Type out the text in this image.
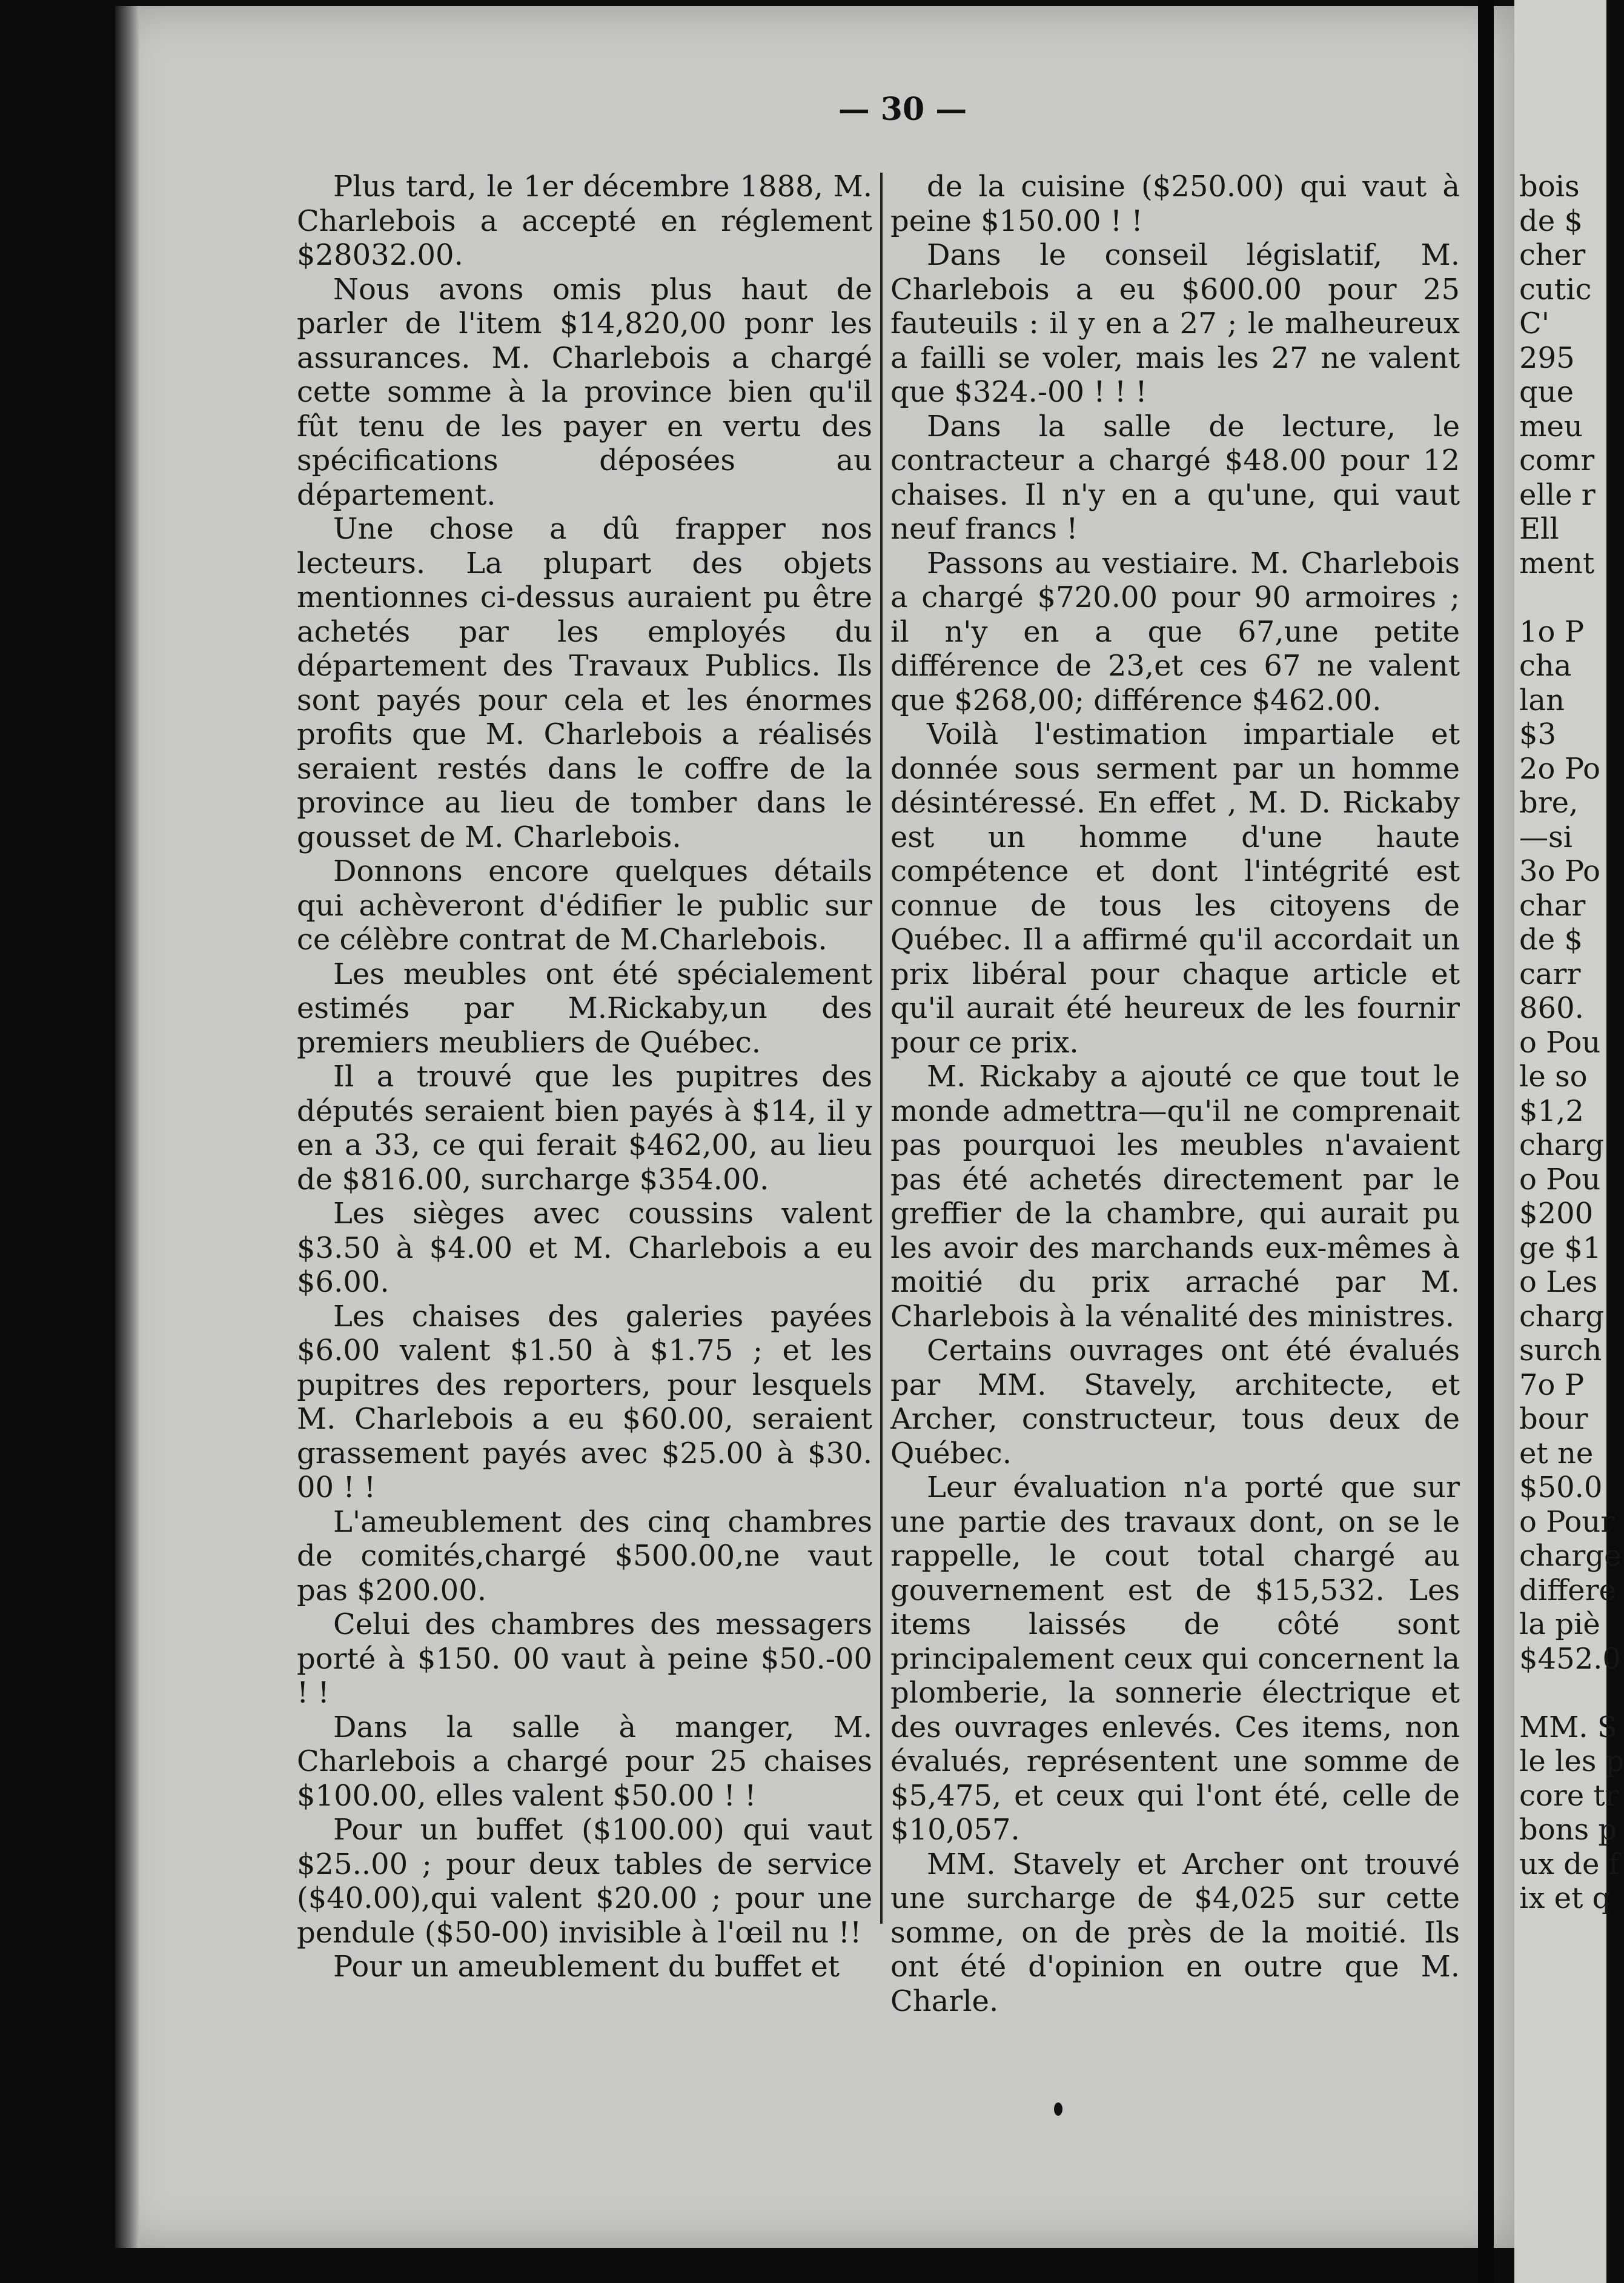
— 30 —

Plus tard, le 1er décembre 1888, M. Charlebois a accepté en réglement $28032.00.

Nous avons omis plus haut de parler de l'item $14,820,00 ponr les assurances. M. Charlebois a chargé cette somme à la province bien qu'il fût tenu de les payer en vertu des spécifications déposées au département.

Une chose a dû frapper nos lecteurs. La plupart des objets mentionnes ci-dessus auraient pu être achetés par les employés du département des Travaux Publics. Ils sont payés pour cela et les énormes profits que M. Charlebois a réalisés seraient restés dans le coffre de la province au lieu de tomber dans le gousset de M. Charlebois.

Donnons encore quelques détails qui achèveront d'édifier le public sur ce célèbre contrat de M.Charlebois.

Les meubles ont été spécialement estimés par M.Rickaby,un des premiers meubliers de Québec.

Il a trouvé que les pupitres des députés seraient bien payés à $14, il y en a 33, ce qui ferait $462,00, au lieu de $816.00, surcharge $354.00.

Les sièges avec coussins valent $3.50 à $4.00 et M. Charlebois a eu $6.00.

Les chaises des galeries payées $6.00 valent $1.50 à $1.75 ; et les pupitres des reporters, pour lesquels M. Charlebois a eu $60.00, seraient grassement payés avec $25.00 à $30. 00 ! !

L'ameublement des cinq chambres de comités,chargé $500.00,ne vaut pas $200.00.

Celui des chambres des messagers porté à $150. 00 vaut à peine $50.-00 ! !

Dans la salle à manger, M. Charlebois a chargé pour 25 chaises $100.00, elles valent $50.00 ! !

Pour un buffet ($100.00) qui vaut $25..00 ; pour deux tables de service ($40.00),qui valent $20.00 ; pour une pendule ($50-00) invisible à l'œil nu !!

Pour un ameublement du buffet et

de la cuisine ($250.00) qui vaut à peine $150.00 ! !

Dans le conseil législatif, M. Charlebois a eu $600.00 pour 25 fauteuils : il y en a 27 ; le malheureux a failli se voler, mais les 27 ne valent que $324.-00 ! ! !

Dans la salle de lecture, le contracteur a chargé $48.00 pour 12 chaises. Il n'y en a qu'une, qui vaut neuf francs !

Passons au vestiaire. M. Charlebois a chargé $720.00 pour 90 armoires ; il n'y en a que 67,une petite différence de 23,et ces 67 ne valent que $268,00; différence $462.00.

Voilà l'estimation impartiale et donnée sous serment par un homme désintéressé. En effet , M. D. Rickaby est un homme d'une haute compétence et dont l'intégrité est connue de tous les citoyens de Québec. Il a affirmé qu'il accordait un prix libéral pour chaque article et qu'il aurait été heureux de les fournir pour ce prix.

M. Rickaby a ajouté ce que tout le monde admettra—qu'il ne comprenait pas pourquoi les meubles n'avaient pas été achetés directement par le greffier de la chambre, qui aurait pu les avoir des marchands eux-mêmes à moitié du prix arraché par M. Charlebois à la vénalité des ministres.

Certains ouvrages ont été évalués par MM. Stavely, architecte, et Archer, constructeur, tous deux de Québec.

Leur évaluation n'a porté que sur une partie des travaux dont, on se le rappelle, le cout total chargé au gouvernement est de $15,532. Les items laissés de côté sont principalement ceux qui concernent la plomberie, la sonnerie électrique et des ouvrages enlevés. Ces items, non évalués, représentent une somme de $5,475, et ceux qui l'ont été, celle de $10,057.

MM. Stavely et Archer ont trouvé une surcharge de $4,025 sur cette somme, on de près de la moitié. Ils ont été d'opinion en outre que M. Charle.

bois
de $
cher
cutic
C'
295
que
meu
comr
elle r
Ell
ment
1o P
cha
lan
$3
2o Po
bre,
—si
3o Po
char
de $
carr
860.
o Pou
le so
$1,2
charg
o Pou
$200
ge $1
o Les
charg
surch
7o P
bour
et ne
$50.0
o Pour
charge
differe
la piè
$452.0
MM. S
le les p
core tr
bons p
ux de f
ix et q
